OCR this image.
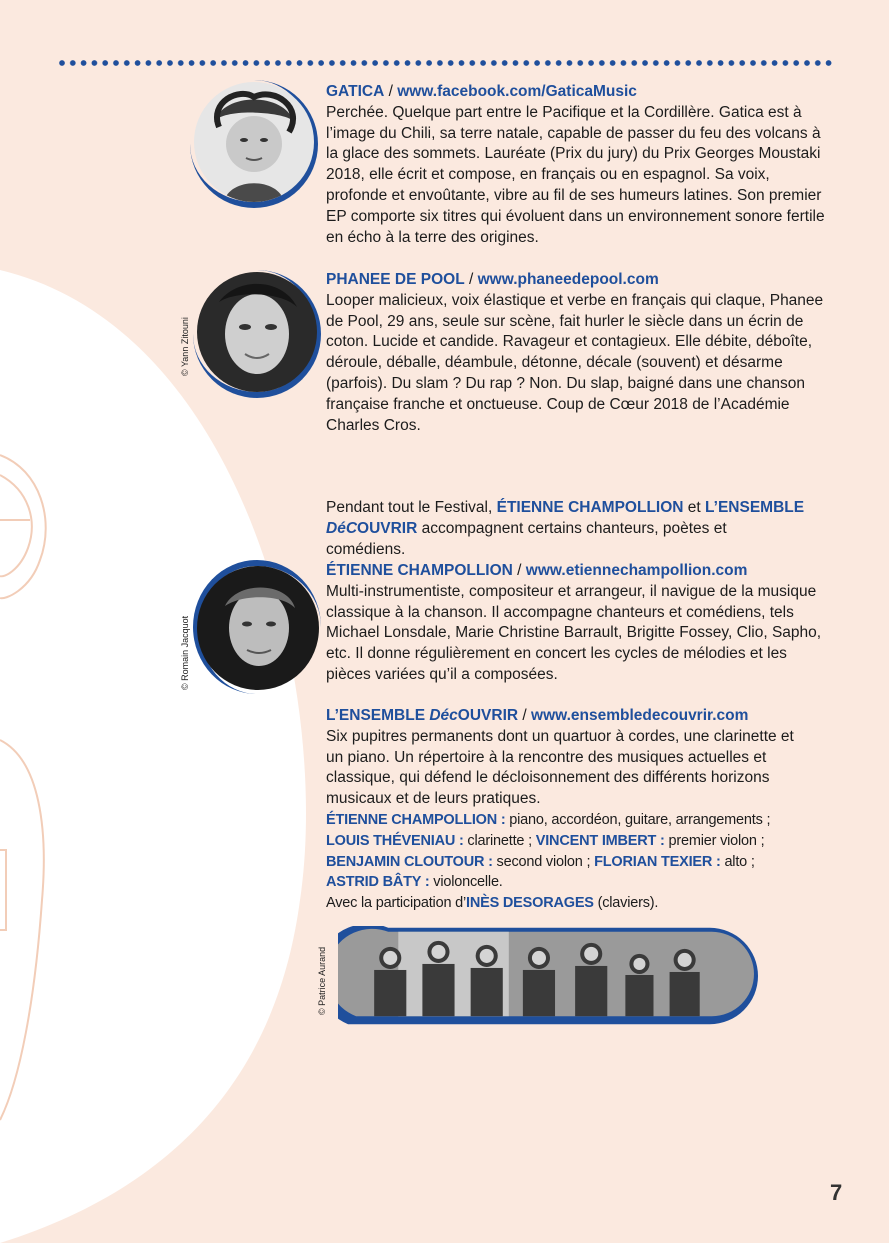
GATICA / www.facebook.com/GaticaMusic
Perchée. Quelque part entre le Pacifique et la Cordillère. Gatica est à l’image du Chili, sa terre natale, capable de passer du feu des volcans à la glace des sommets. Lauréate (Prix du jury) du Prix Georges Moustaki 2018, elle écrit et compose, en français ou en espagnol. Sa voix, profonde et envoûtante, vibre au fil de ses humeurs latines. Son premier EP comporte six titres qui évoluent dans un environnement sonore fertile en écho à la terre des origines.
© Yann Zitouni
PHANEE DE POOL / www.phaneedepool.com
Looper malicieux, voix élastique et verbe en français qui claque, Phanee de Pool, 29 ans, seule sur scène, fait hurler le siècle dans un écrin de coton. Lucide et candide. Ravageur et contagieux. Elle débite, déboîte, déroule, déballe, déambule, détonne, décale (souvent) et désarme (parfois). Du slam ? Du rap ? Non. Du slap, baigné dans une chanson française franche et onctueuse. Coup de Cœur 2018 de l’Académie Charles Cros.
Pendant tout le Festival, ÉTIENNE CHAMPOLLION et L’ENSEMBLE
DéCOUVRIR accompagnent certains chanteurs, poètes et comédiens.
© Romain Jacquot
ÉTIENNE CHAMPOLLION / www.etiennechampollion.com
Multi-instrumentiste, compositeur et arrangeur, il navigue de la musique classique à la chanson. Il accompagne chanteurs et comédiens, tels Michael Lonsdale, Marie Christine Barrault, Brigitte Fossey, Clio, Sapho, etc. Il donne régulièrement en concert les cycles de mélodies et les pièces variées qu’il a composées.
L’ENSEMBLE DécOUVRIR / www.ensembledecouvrir.com
Six pupitres permanents dont un quartuor à cordes, une clarinette et un piano. Un répertoire à la rencontre des musiques actuelles et classique, qui défend le décloisonnement des différents horizons musicaux et de leurs pratiques.
ÉTIENNE CHAMPOLLION : piano, accordéon, guitare, arrangements ;
LOUIS THÉVENIAU : clarinette ; VINCENT IMBERT : premier violon ;
BENJAMIN CLOUTOUR : second violon ; FLORIAN TEXIER : alto ;
ASTRID BÂTY : violoncelle.
Avec la participation d’INÈS DESORAGES (claviers).
© Patrice Aurand
7
